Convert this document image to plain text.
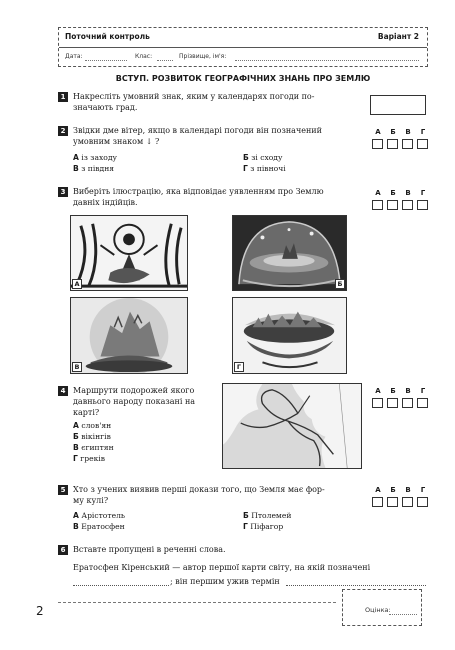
Поточний контроль	Варіант 2
Дата:	Клас:	Прізвище, ім'я:
ВСТУП. РОЗВИТОК ГЕОГРАФІЧНИХ ЗНАНЬ ПРО ЗЕМЛЮ
1 Накресліть умовний знак, яким у календарях погоди по-
значають град.
2 Звідки дме вітер, якщо в календарі погоди він позначений
умовним знаком ↓ ?
А із заходу	Б зі сходу
В з півдня	Г з півночі
А	Б	В	Г
3 Виберіть ілюстрацію, яка відповідає уявленням про Землю
давніх індійців.
А	Б	В	Г
А	Б
В	Г
4 Маршрути подорожей якого
давнього народу показані на
карті?
А слов'ян
Б вікінгів
В єгиптян
Г греків
А	Б	В	Г
5 Хто з учених виявив перші докази того, що Земля має фор-
му кулі?
А Арістотель	Б Птолемей
В Ератосфен	Г Піфагор
А	Б	В	Г
6 Вставте пропущені в реченні слова.
Ератосфен Кіренський — автор першої карти світу, на якій позначені
; він першим ужив термін
2	Оцінка:
